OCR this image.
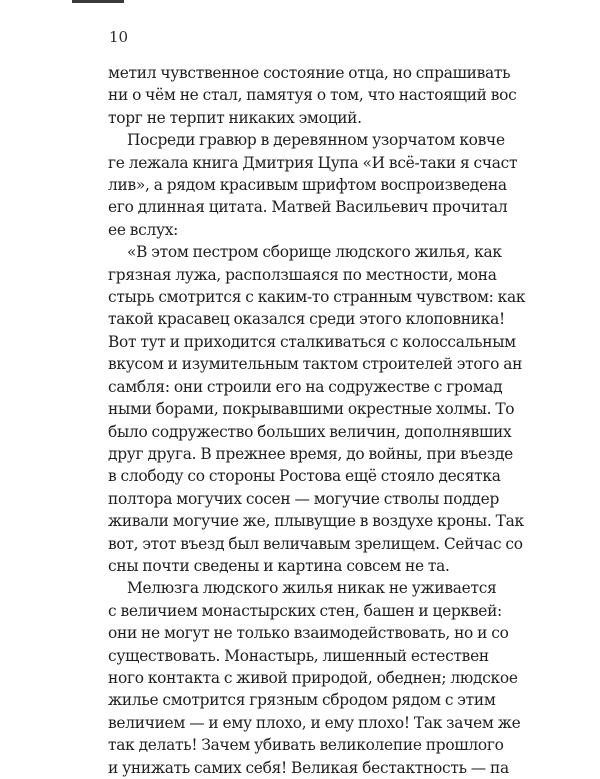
10
метил чувственное состояние отца, но спрашивать
ни о чём не стал, памятуя о том, что настоящий вос
торг не терпит никаких эмоций.
Посреди гравюр в деревянном узорчатом ковче
ге лежала книга Дмитрия Цупа «И всё-таки я счаст
лив», а рядом красивым шрифтом воспроизведена
его длинная цитата. Матвей Васильевич прочитал
ее вслух:
«В этом пестром сборище людского жилья, как
грязная лужа, расползшаяся по местности, мона
стырь смотрится с каким-то странным чувством: как
такой красавец оказался среди этого клоповника!
Вот тут и приходится сталкиваться с колоссальным
вкусом и изумительным тактом строителей этого ан
самбля: они строили его на содружестве с громад
ными борами, покрывавшими окрестные холмы. То
было содружество больших величин, дополнявших
друг друга. В прежнее время, до войны, при въезде
в слободу со стороны Ростова ещё стояло десятка
полтора могучих сосен — могучие стволы поддер
живали могучие же, плывущие в воздухе кроны. Так
вот, этот въезд был величавым зрелищем. Сейчас со
сны почти сведены и картина совсем не та.
Мелюзга людского жилья никак не уживается
с величием монастырских стен, башен и церквей:
они не могут не только взаимодействовать, но и со
существовать. Монастырь, лишенный естествен
ного контакта с живой природой, обеднен; людское
жилье смотрится грязным сбродом рядом с этим
величием — и ему плохо, и ему плохо! Так зачем же
так делать! Зачем убивать великолепие прошлого
и унижать самих себя! Великая бестактность — па
